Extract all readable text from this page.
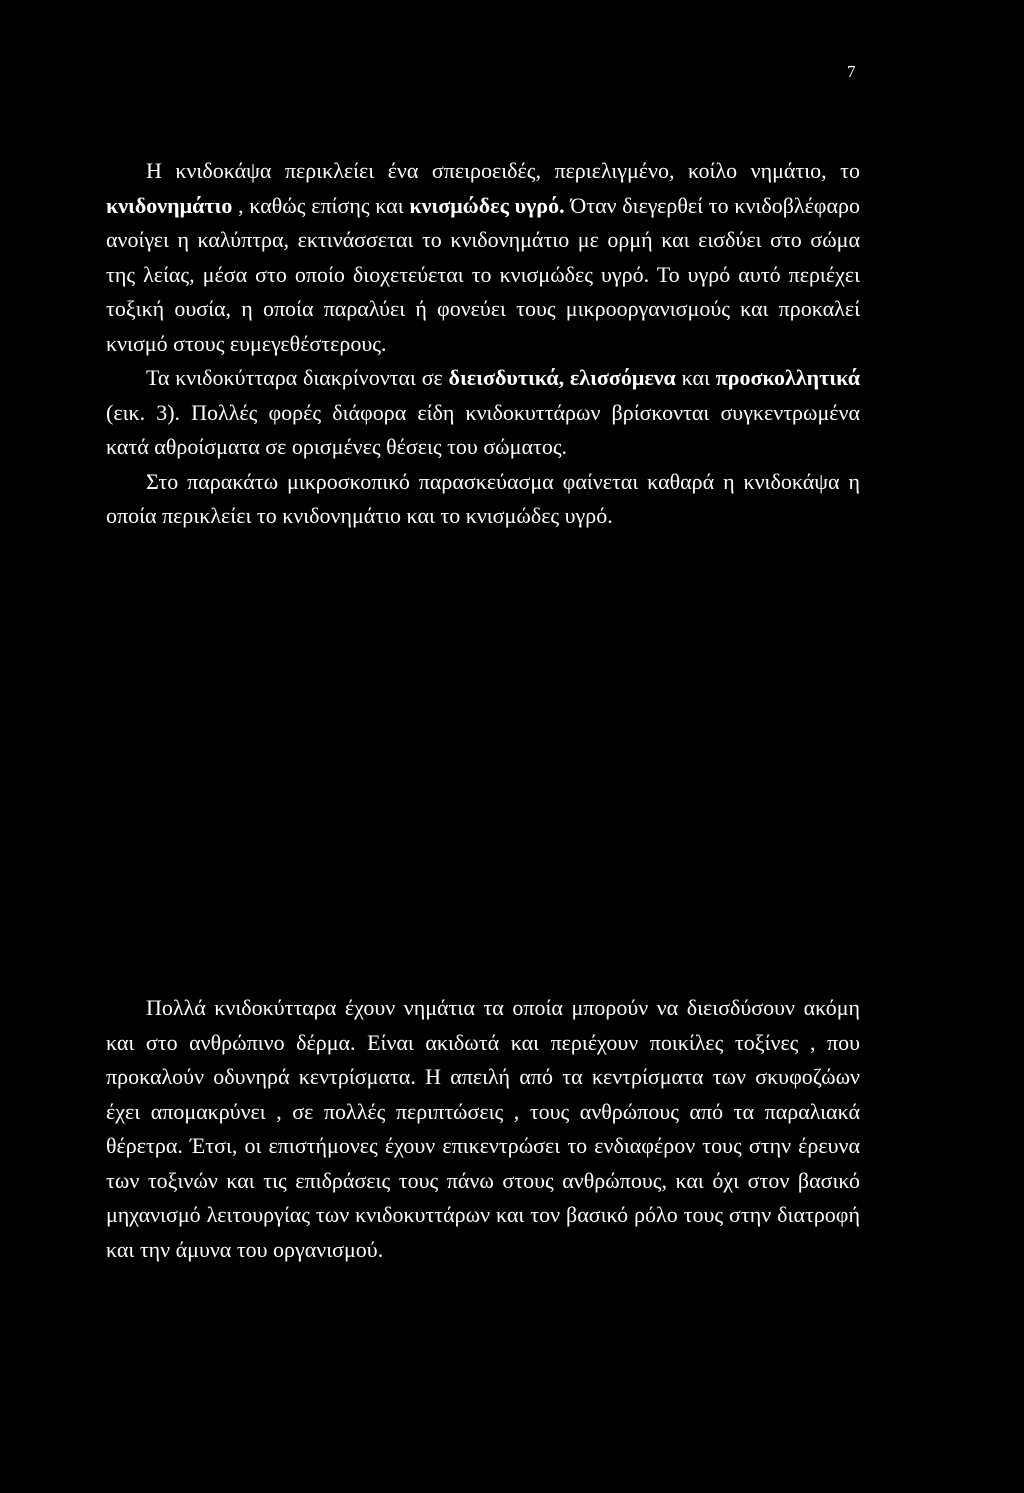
7

Η κνιδοκάψα περικλείει ένα σπειροειδές, περιελιγμένο, κοίλο νημάτιο, το κνιδονημάτιο , καθώς επίσης και κνισμώδες υγρό. Όταν διεγερθεί το κνιδοβλέφαρο ανοίγει η καλύπτρα, εκτινάσσεται το κνιδονημάτιο με ορμή και εισδύει στο σώμα της λείας, μέσα στο οποίο διοχετεύεται το κνισμώδες υγρό. Το υγρό αυτό περιέχει τοξική ουσία, η οποία παραλύει ή φονεύει τους μικροοργανισμούς και προκαλεί κνισμό στους ευμεγεθέστερους.

Τα κνιδοκύτταρα διακρίνονται σε διεισδυτικά, ελισσόμενα και προσκολλητικά (εικ. 3). Πολλές φορές διάφορα είδη κνιδοκυττάρων βρίσκονται συγκεντρωμένα κατά αθροίσματα σε ορισμένες θέσεις του σώματος.

Στο παρακάτω μικροσκοπικό παρασκεύασμα φαίνεται καθαρά η κνιδοκάψα η οποία περικλείει το κνιδονημάτιο και το κνισμώδες υγρό.

Πολλά κνιδοκύτταρα έχουν νημάτια τα οποία μπορούν να διεισδύσουν ακόμη και στο ανθρώπινο δέρμα. Είναι ακιδωτά και περιέχουν ποικίλες τοξίνες , που προκαλούν οδυνηρά κεντρίσματα. Η απειλή από τα κεντρίσματα των σκυφοζώων έχει απομακρύνει , σε πολλές περιπτώσεις , τους ανθρώπους από τα παραλιακά θέρετρα. Έτσι, οι επιστήμονες έχουν επικεντρώσει το ενδιαφέρον τους στην έρευνα των τοξινών και τις επιδράσεις τους πάνω στους ανθρώπους, και όχι στον βασικό μηχανισμό λειτουργίας των κνιδοκυττάρων και τον βασικό ρόλο τους στην διατροφή και την άμυνα του οργανισμού.
